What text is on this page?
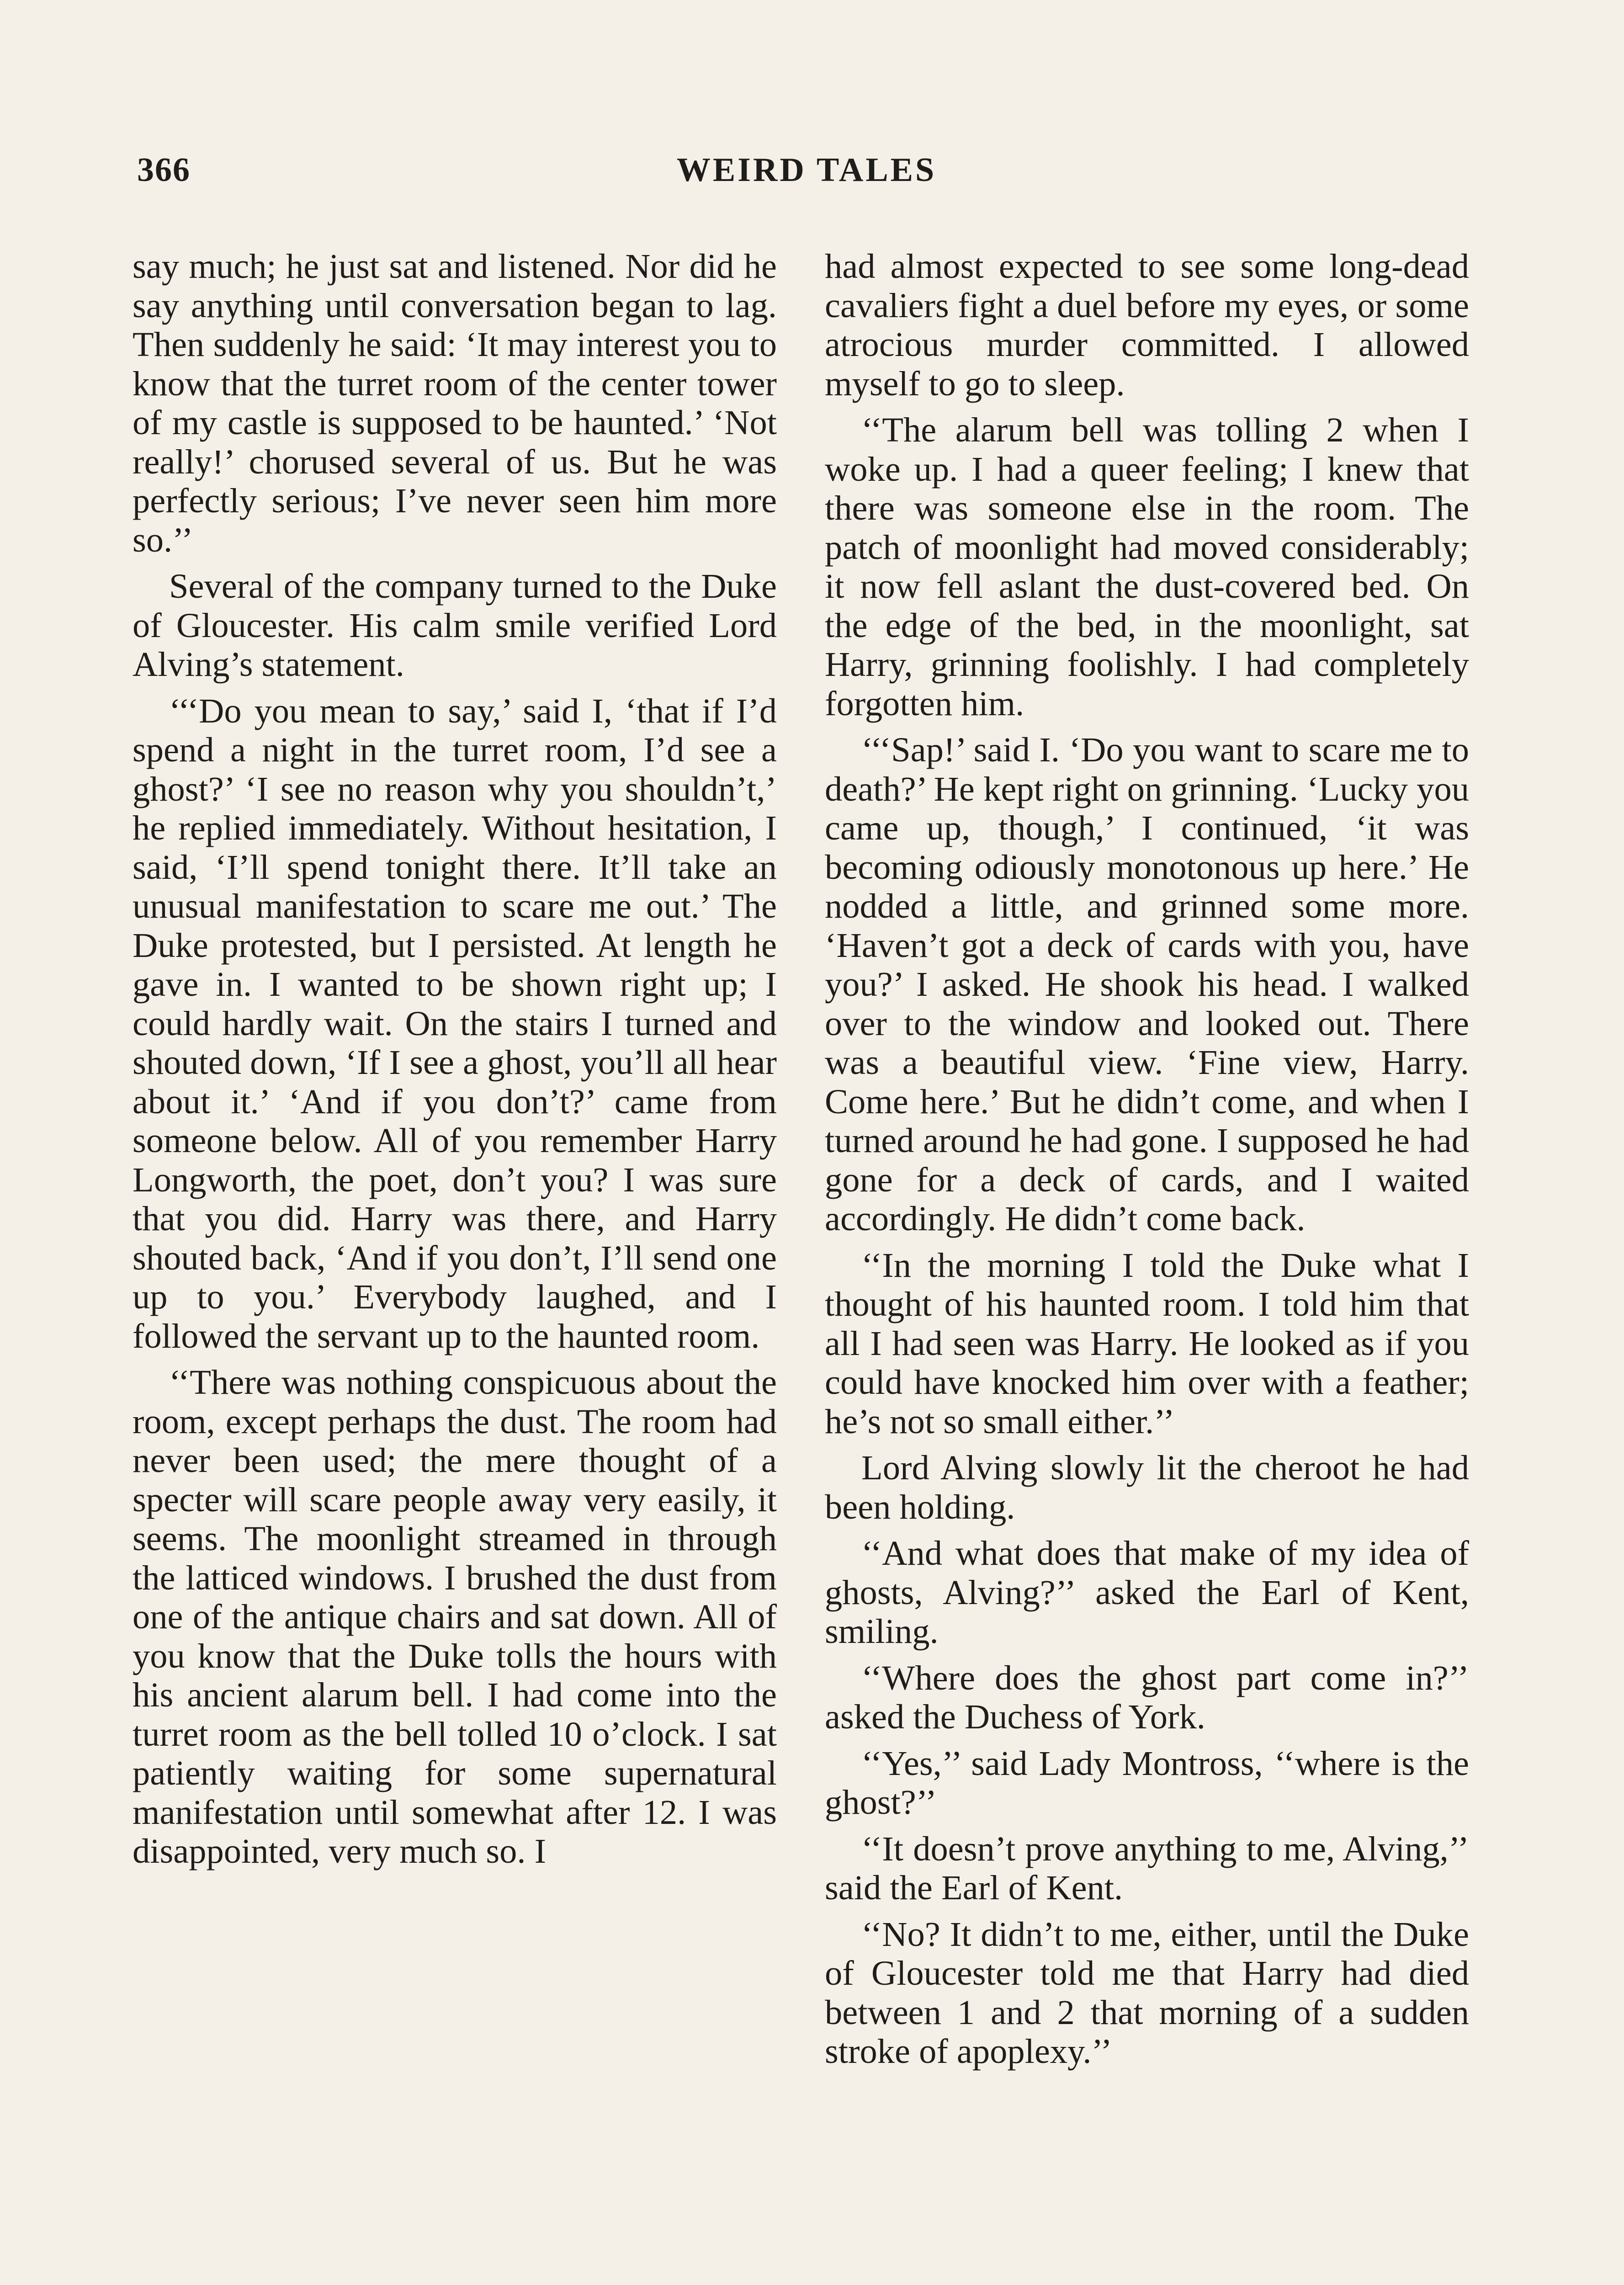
366	WEIRD TALES

say much; he just sat and listened. Nor did he say anything until conversation began to lag. Then suddenly he said: ‘It may interest you to know that the turret room of the center tower of my castle is supposed to be haunted.’ ‘Not really!’ chorused several of us. But he was perfectly serious; I’ve never seen him more so.’’

Several of the company turned to the Duke of Gloucester. His calm smile verified Lord Alving’s statement.

‘‘‘Do you mean to say,’ said I, ‘that if I’d spend a night in the turret room, I’d see a ghost?’ ‘I see no reason why you shouldn’t,’ he replied immediately. Without hesitation, I said, ‘I’ll spend tonight there. It’ll take an unusual manifestation to scare me out.’ The Duke protested, but I persisted. At length he gave in. I wanted to be shown right up; I could hardly wait. On the stairs I turned and shouted down, ‘If I see a ghost, you’ll all hear about it.’ ‘And if you don’t?’ came from someone below. All of you remember Harry Longworth, the poet, don’t you? I was sure that you did. Harry was there, and Harry shouted back, ‘And if you don’t, I’ll send one up to you.’ Everybody laughed, and I followed the servant up to the haunted room.

‘‘There was nothing conspicuous about the room, except perhaps the dust. The room had never been used; the mere thought of a specter will scare people away very easily, it seems. The moonlight streamed in through the latticed windows. I brushed the dust from one of the antique chairs and sat down. All of you know that the Duke tolls the hours with his ancient alarum bell. I had come into the turret room as the bell tolled 10 o’clock. I sat patiently waiting for some supernatural manifestation until somewhat after 12. I was disappointed, very much so. I

had almost expected to see some long-dead cavaliers fight a duel before my eyes, or some atrocious murder committed. I allowed myself to go to sleep.

‘‘The alarum bell was tolling 2 when I woke up. I had a queer feeling; I knew that there was someone else in the room. The patch of moonlight had moved considerably; it now fell aslant the dust-covered bed. On the edge of the bed, in the moonlight, sat Harry, grinning foolishly. I had completely forgotten him.

‘‘‘Sap!’ said I. ‘Do you want to scare me to death?’ He kept right on grinning. ‘Lucky you came up, though,’ I continued, ‘it was becoming odiously monotonous up here.’ He nodded a little, and grinned some more. ‘Haven’t got a deck of cards with you, have you?’ I asked. He shook his head. I walked over to the window and looked out. There was a beautiful view. ‘Fine view, Harry. Come here.’ But he didn’t come, and when I turned around he had gone. I supposed he had gone for a deck of cards, and I waited accordingly. He didn’t come back.

‘‘In the morning I told the Duke what I thought of his haunted room. I told him that all I had seen was Harry. He looked as if you could have knocked him over with a feather; he’s not so small either.’’

Lord Alving slowly lit the cheroot he had been holding.

‘‘And what does that make of my idea of ghosts, Alving?’’ asked the Earl of Kent, smiling.

‘‘Where does the ghost part come in?’’ asked the Duchess of York.

‘‘Yes,’’ said Lady Montross, ‘‘where is the ghost?’’

‘‘It doesn’t prove anything to me, Alving,’’ said the Earl of Kent.

‘‘No? It didn’t to me, either, until the Duke of Gloucester told me that Harry had died between 1 and 2 that morning of a sudden stroke of apoplexy.’’
